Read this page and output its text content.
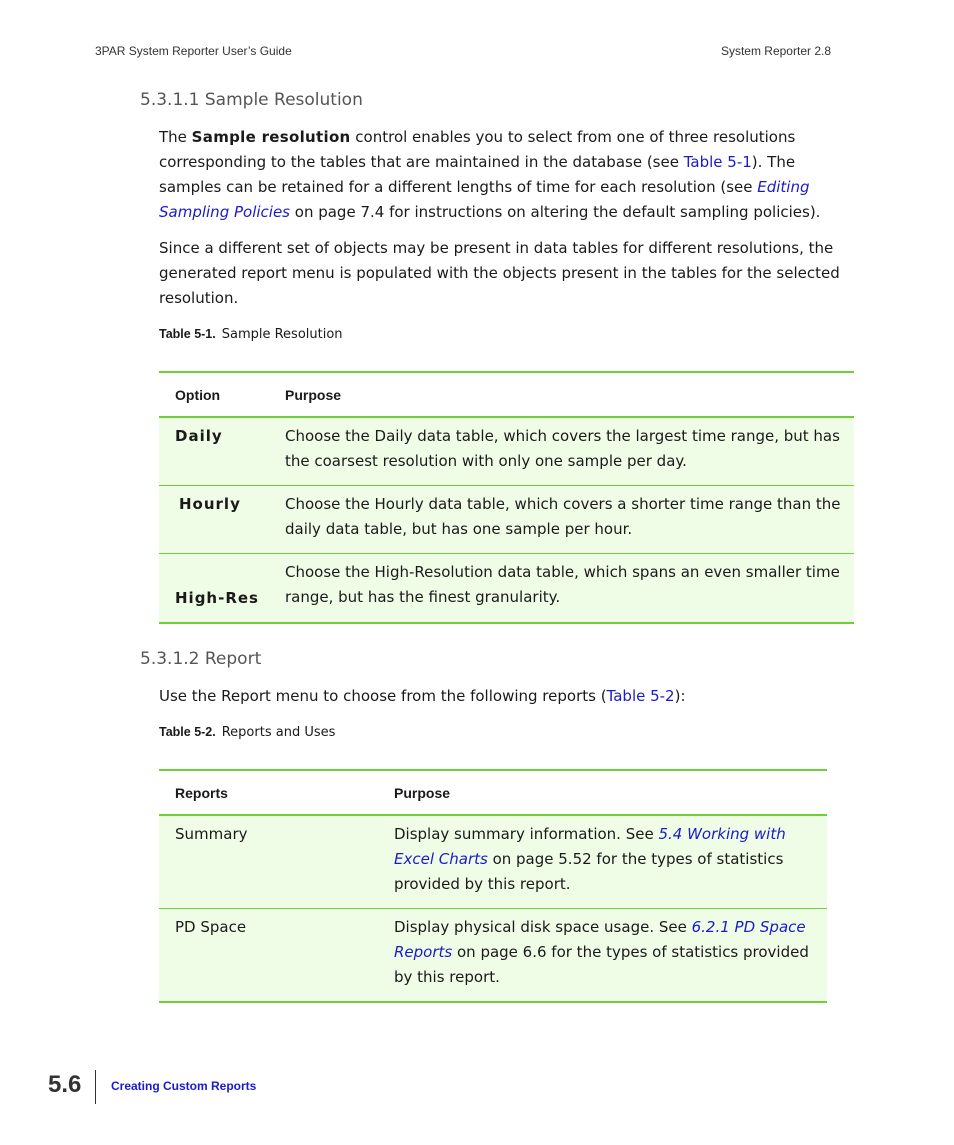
3PAR System Reporter User’s Guide	System Reporter 2.8
5.3.1.1 Sample Resolution
The Sample resolution control enables you to select from one of three resolutions corresponding to the tables that are maintained in the database (see Table 5-1). The samples can be retained for a different lengths of time for each resolution (see Editing Sampling Policies on page 7.4 for instructions on altering the default sampling policies).
Since a different set of objects may be present in data tables for different resolutions, the generated report menu is populated with the objects present in the tables for the selected resolution.
Table 5-1. Sample Resolution
Option	Purpose
Daily	Choose the Daily data table, which covers the largest time range, but has the coarsest resolution with only one sample per day.
Hourly	Choose the Hourly data table, which covers a shorter time range than the daily data table, but has one sample per hour.
High-Res	Choose the High-Resolution data table, which spans an even smaller time range, but has the finest granularity.
5.3.1.2 Report
Use the Report menu to choose from the following reports (Table 5-2):
Table 5-2. Reports and Uses
Reports	Purpose
Summary	Display summary information. See 5.4 Working with Excel Charts on page 5.52 for the types of statistics provided by this report.
PD Space	Display physical disk space usage. See 6.2.1 PD Space Reports on page 6.6 for the types of statistics provided by this report.
5.6 Creating Custom Reports
